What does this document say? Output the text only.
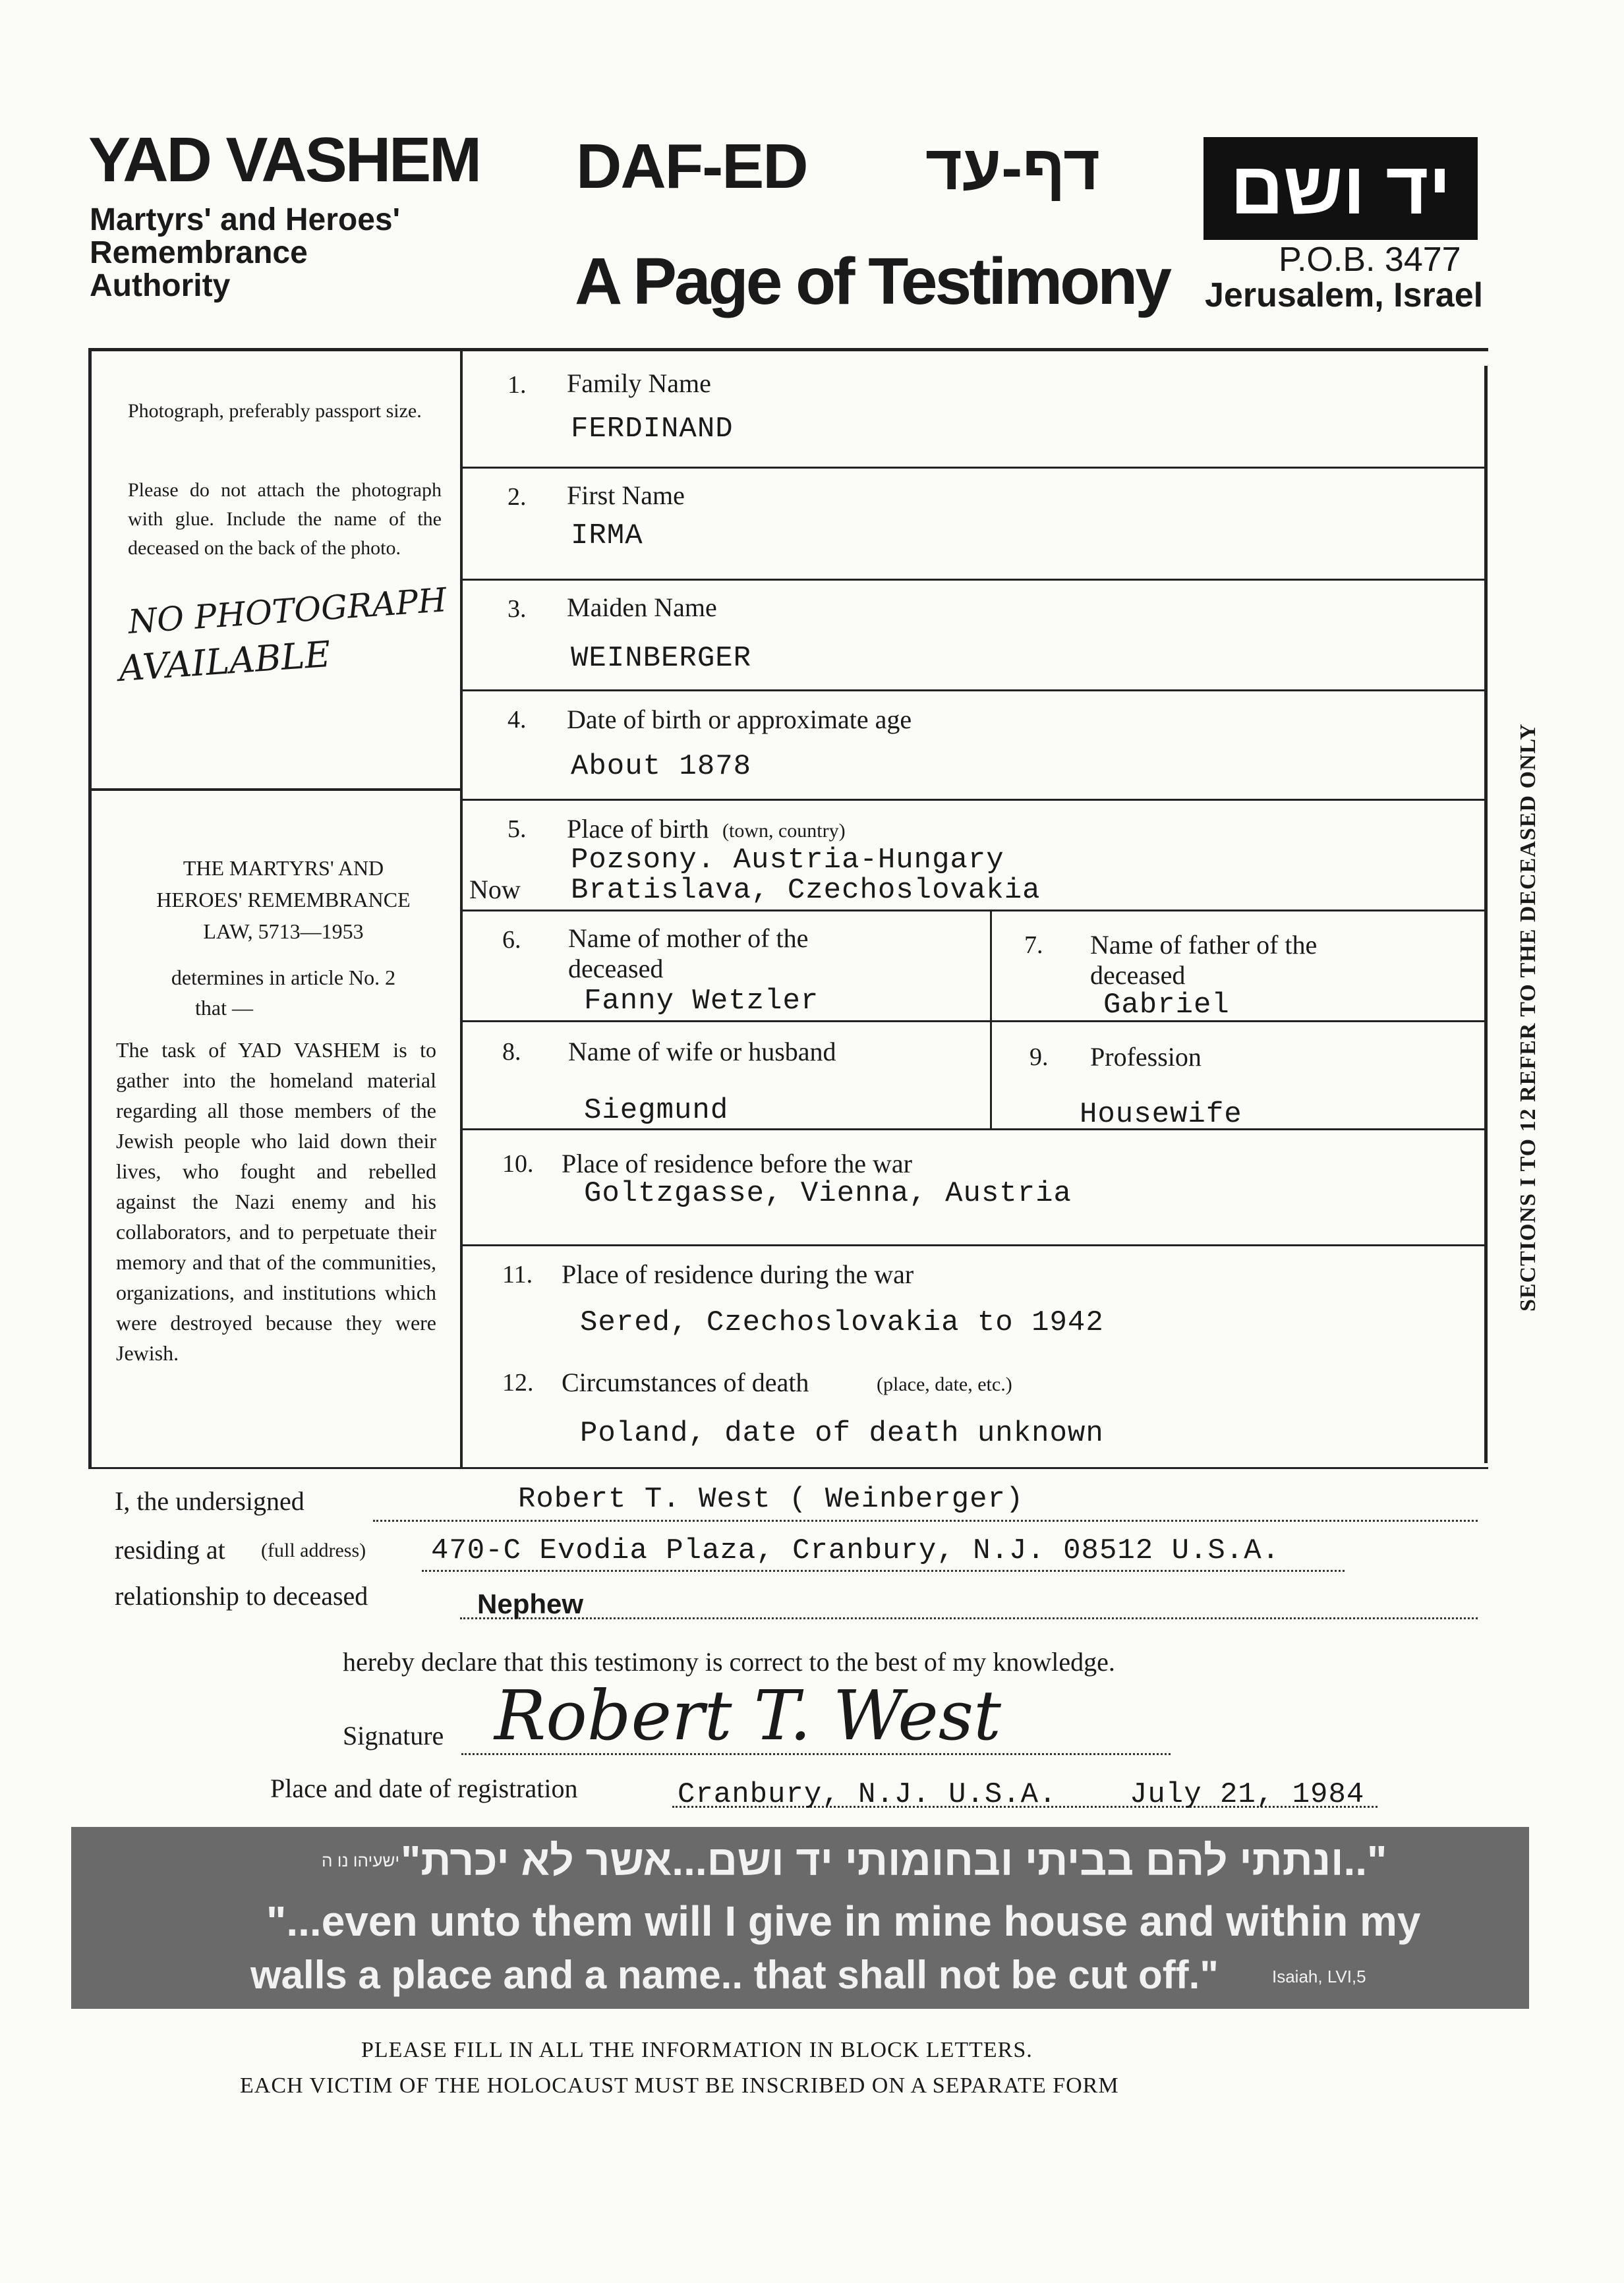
YAD VASHEM
Martyrs' and Heroes'
Remembrance
Authority
DAF-ED דף-עד
A Page of Testimony
יד ושם
P.O.B. 3477
Jerusalem, Israel
Photograph, preferably passport size.
Please do not attach the photograph with glue. Include the name of the deceased on the back of the photo.
NO PHOTOGRAPH
AVAILABLE
THE MARTYRS' AND
HEROES' REMEMBRANCE
LAW, 5713—1953
determines in article No. 2
that —
The task of YAD VASHEM is to gather into the homeland material regarding all those members of the Jewish people who laid down their lives, who fought and rebelled against the Nazi enemy and his collaborators, and to perpetuate their memory and that of the communities, organizations, and institutions which were destroyed because they were Jewish.
1. Family Name
FERDINAND
2. First Name
IRMA
3. Maiden Name
WEINBERGER
4. Date of birth or approximate age
About 1878
5. Place of birth (town, country)
Pozsony. Austria-Hungary
Now Bratislava, Czechoslovakia
6. Name of mother of the
deceased
Fanny Wetzler
7. Name of father of the
deceased
Gabriel
8. Name of wife or husband
Siegmund
9. Profession
Housewife
10. Place of residence before the war
Goltzgasse, Vienna, Austria
11. Place of residence during the war
Sered, Czechoslovakia to 1942
12. Circumstances of death	(place, date, etc.)
Poland, date of death unknown
SECTIONS I TO 12 REFER TO THE DECEASED ONLY
I, the undersigned	Robert T. West ( Weinberger)
residing at (full address) 470-C Evodia Plaza, Cranbury, N.J. 08512 U.S.A.
relationship to deceased	Nephew
hereby declare that this testimony is correct to the best of my knowledge.
Signature Robert T. West
Place and date of registration	Cranbury, N.J. U.S.A.	July 21, 1984
"..ונתתי להם בביתי ובחומותי יד ושם...אשר לא יכרת"
ישעיהו נו ה
"...even unto them will I give in mine house and within my
walls a place and a name.. that shall not be cut off."	Isaiah, LVI,5
PLEASE FILL IN ALL THE INFORMATION IN BLOCK LETTERS.
EACH VICTIM OF THE HOLOCAUST MUST BE INSCRIBED ON A SEPARATE FORM
